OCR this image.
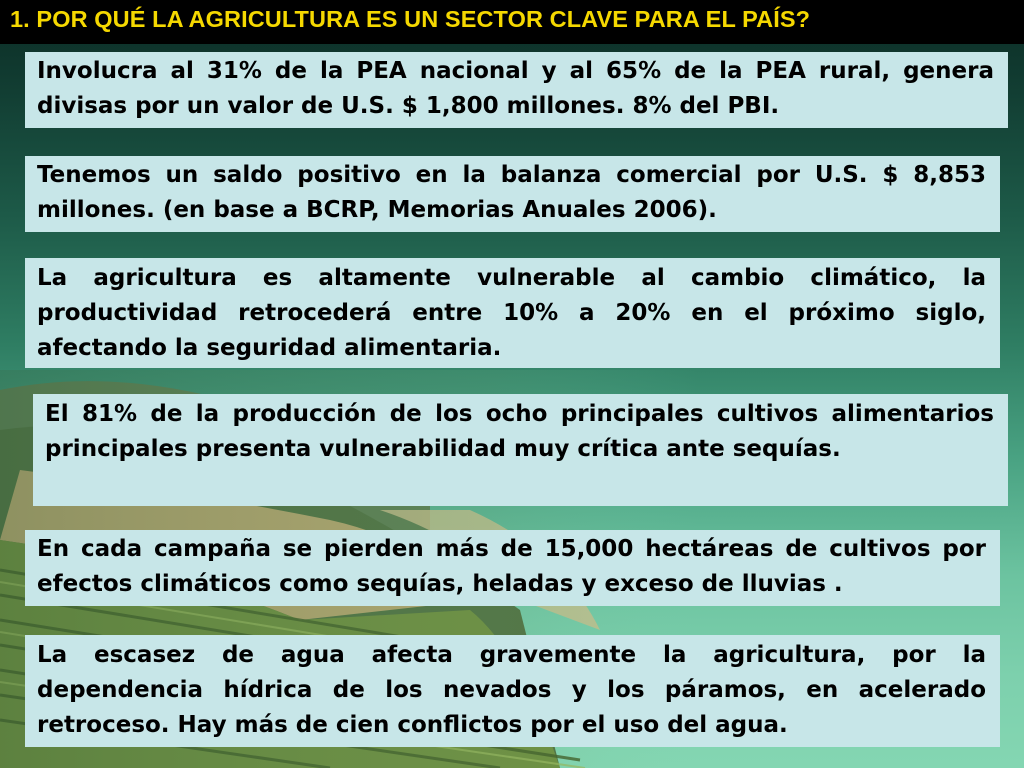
1. POR QUÉ LA AGRICULTURA ES UN SECTOR CLAVE PARA EL PAÍS?

Involucra al 31% de la PEA nacional y al 65% de la PEA rural, genera divisas por un valor de U.S. $ 1,800 millones. 8% del PBI.

Tenemos un saldo positivo en la balanza comercial por U.S. $ 8,853 millones. (en base a BCRP, Memorias Anuales 2006).

La agricultura es altamente vulnerable al cambio climático, la productividad retrocederá entre 10% a 20% en el próximo siglo, afectando la seguridad alimentaria.

El 81% de la producción de los ocho principales cultivos alimentarios principales presenta vulnerabilidad muy crítica ante sequías.

En cada campaña se pierden más de 15,000 hectáreas de cultivos por efectos climáticos como sequías, heladas y exceso de lluvias .

La escasez de agua afecta gravemente la agricultura, por la dependencia hídrica de los nevados y los páramos, en acelerado retroceso. Hay más de cien conflictos por el uso del agua.
